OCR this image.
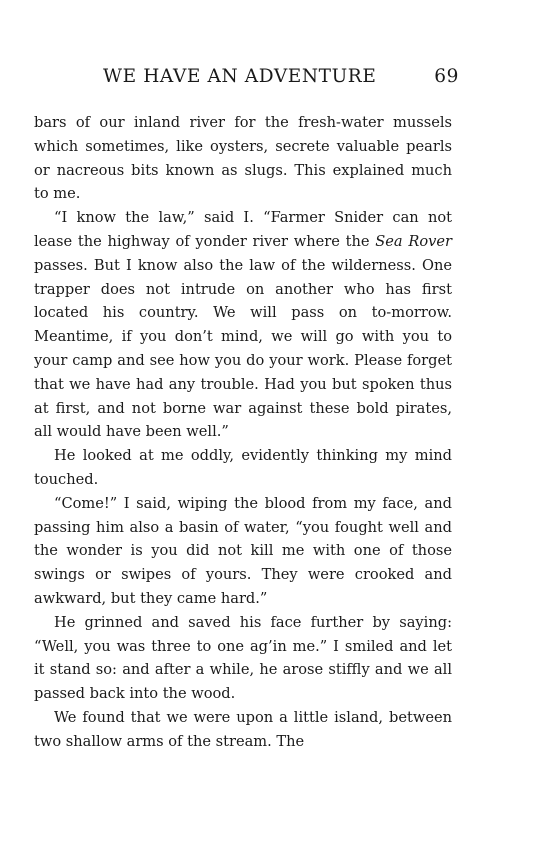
WE HAVE AN ADVENTURE	69

bars of our inland river for the fresh-water mussels which sometimes, like oysters, secrete valuable pearls or nacreous bits known as slugs. This explained much to me.

“I know the law,” said I. “Farmer Snider can not lease the highway of yonder river where the Sea Rover passes. But I know also the law of the wilderness. One trapper does not intrude on another who has first located his country. We will pass on to-morrow. Meantime, if you don’t mind, we will go with you to your camp and see how you do your work. Please forget that we have had any trouble. Had you but spoken thus at first, and not borne war against these bold pirates, all would have been well.”

He looked at me oddly, evidently thinking my mind touched.

“Come!” I said, wiping the blood from my face, and passing him also a basin of water, “you fought well and the wonder is you did not kill me with one of those swings or swipes of yours. They were crooked and awkward, but they came hard.”

He grinned and saved his face further by saying: “Well, you was three to one ag’in me.” I smiled and let it stand so: and after a while, he arose stiffly and we all passed back into the wood.

We found that we were upon a little island, between two shallow arms of the stream. The
